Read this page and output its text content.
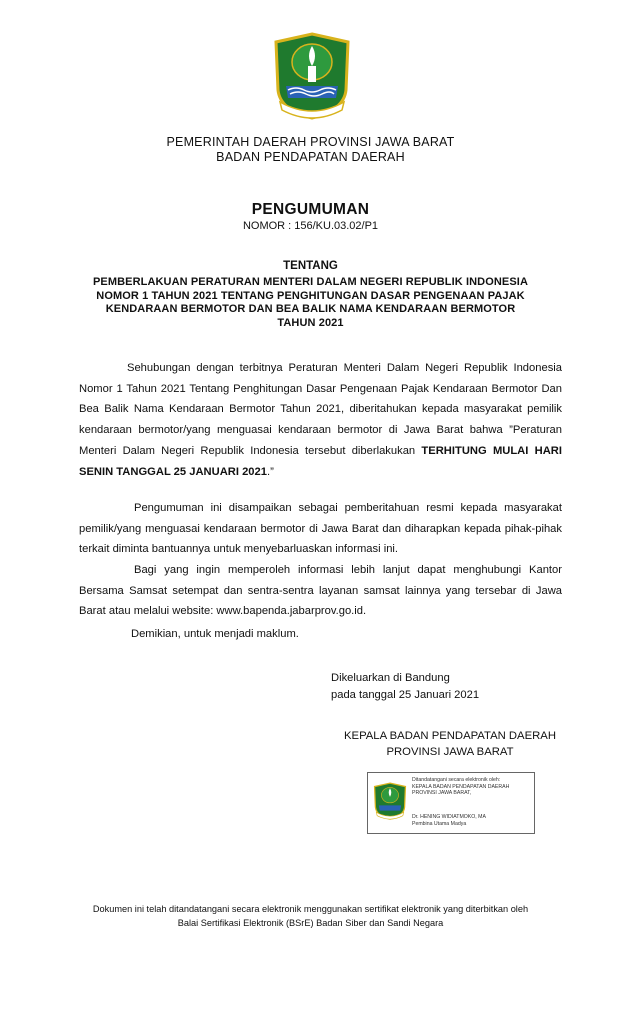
PEMERINTAH DAERAH PROVINSI JAWA BARAT
BADAN PENDAPATAN DAERAH
PENGUMUMAN
NOMOR : 156/KU.03.02/P1
TENTANG
PEMBERLAKUAN PERATURAN MENTERI DALAM NEGERI REPUBLIK INDONESIA
NOMOR 1 TAHUN 2021 TENTANG PENGHITUNGAN DASAR PENGENAAN PAJAK
KENDARAAN BERMOTOR DAN BEA BALIK NAMA KENDARAAN BERMOTOR
TAHUN 2021
Sehubungan dengan terbitnya Peraturan Menteri Dalam Negeri Republik Indonesia Nomor 1 Tahun 2021 Tentang Penghitungan Dasar Pengenaan Pajak Kendaraan Bermotor Dan Bea Balik Nama Kendaraan Bermotor Tahun 2021, diberitahukan kepada masyarakat pemilik kendaraan bermotor/yang menguasai kendaraan bermotor di Jawa Barat bahwa ”Peraturan Menteri Dalam Negeri Republik Indonesia tersebut diberlakukan TERHITUNG MULAI HARI SENIN TANGGAL 25 JANUARI 2021.”
Pengumuman ini disampaikan sebagai pemberitahuan resmi kepada masyarakat pemilik/yang menguasai kendaraan bermotor di Jawa Barat dan diharapkan kepada pihak-pihak terkait diminta bantuannya untuk menyebarluaskan informasi ini.
Bagi yang ingin memperoleh informasi lebih lanjut dapat menghubungi Kantor Bersama Samsat setempat dan sentra-sentra layanan samsat lainnya yang tersebar di Jawa Barat atau melalui website: www.bapenda.jabarprov.go.id.
Demikian, untuk menjadi maklum.
Dikeluarkan di Bandung
pada tanggal 25 Januari 2021
KEPALA BADAN PENDAPATAN DAERAH
PROVINSI JAWA BARAT
Ditandatangani secara elektronik oleh:
KEPALA BADAN PENDAPATAN DAERAH
PROVINSI JAWA BARAT,
Dr. HENING WIDIATMOKO, MA
Pembina Utama Madya
Dokumen ini telah ditandatangani secara elektronik menggunakan sertifikat elektronik yang diterbitkan oleh
Balai Sertifikasi Elektronik (BSrE) Badan Siber dan Sandi Negara
